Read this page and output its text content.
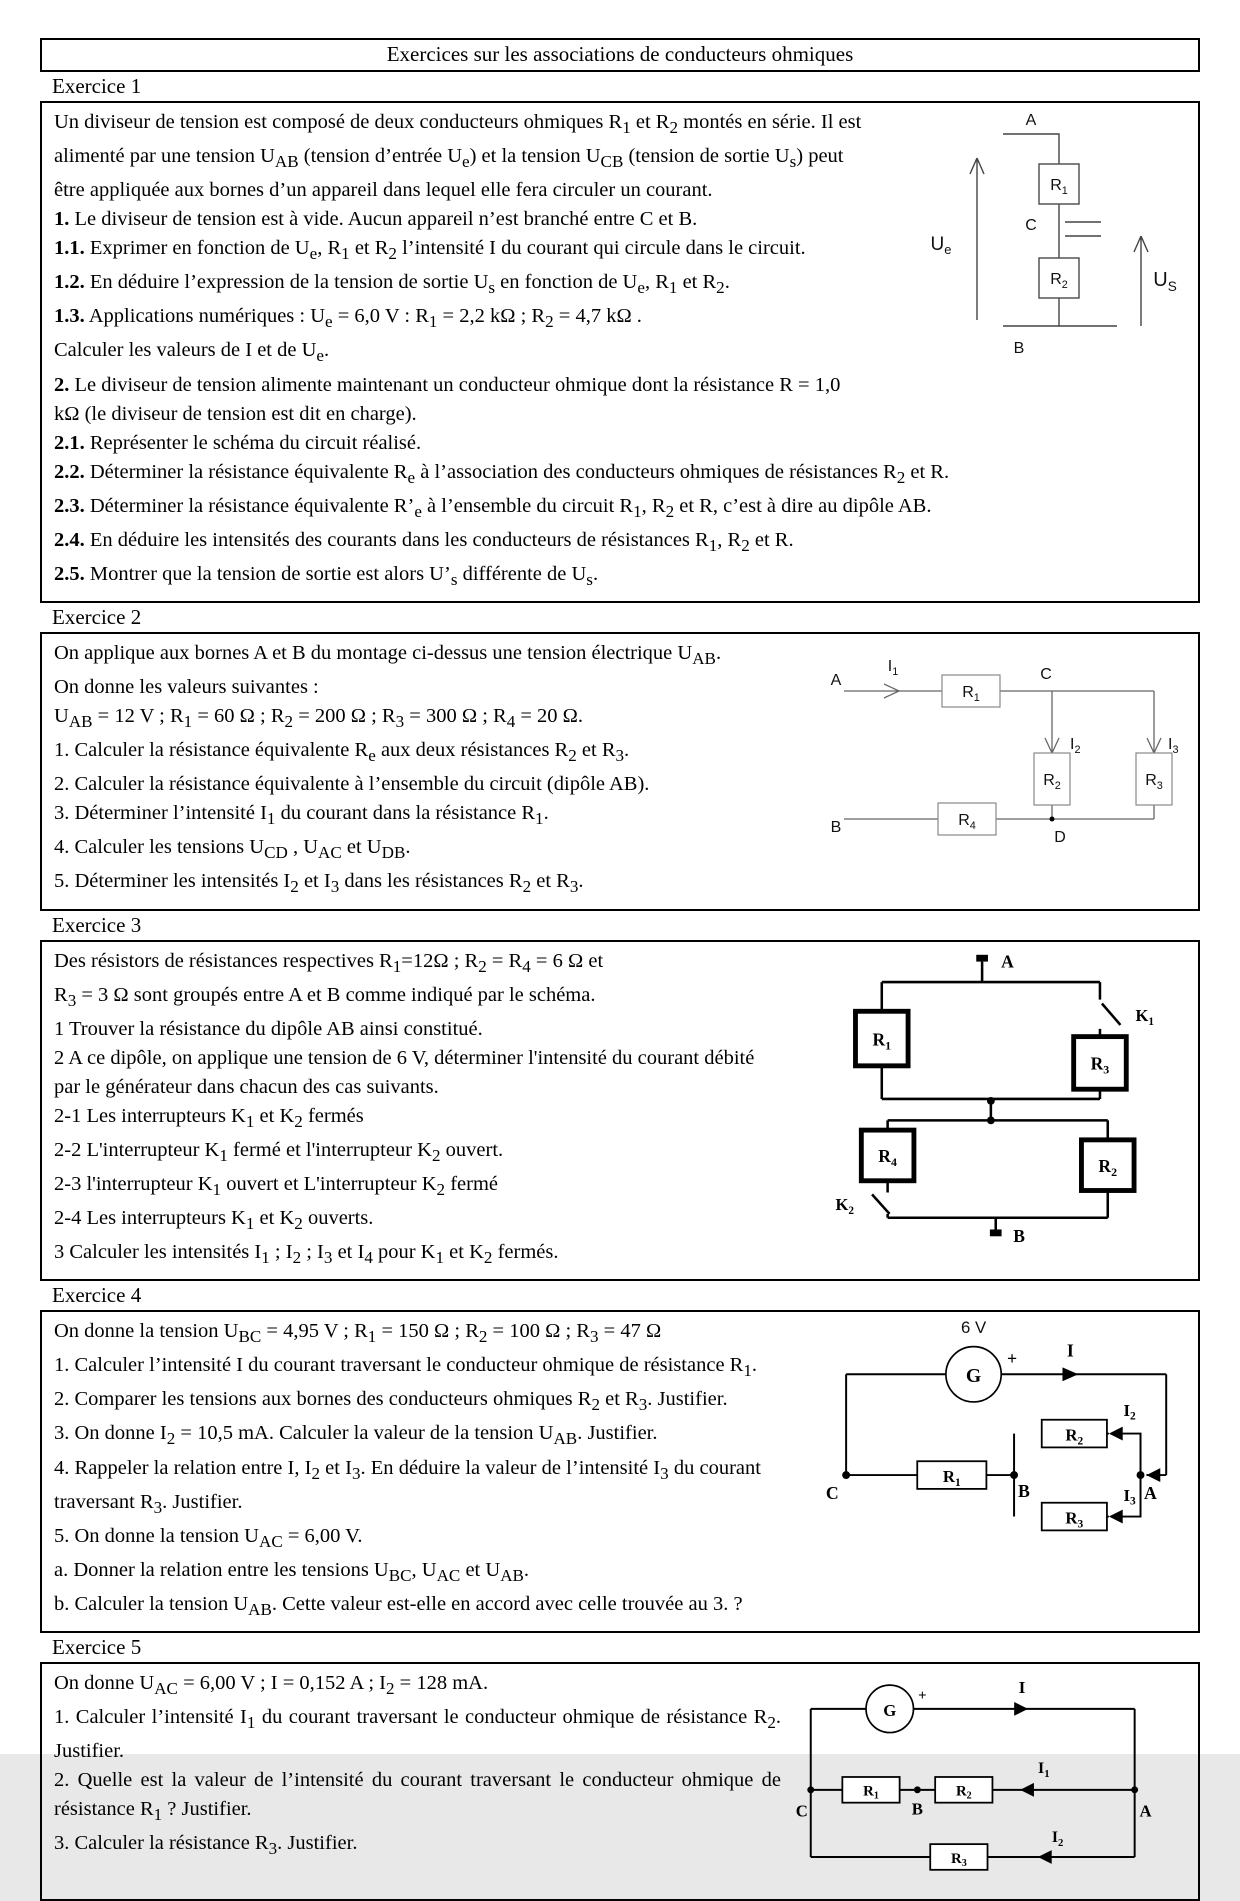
Exercices sur les associations de conducteurs ohmiques
Exercice 1
A
$R_1$
C
$R_2$
B
$U_e$
$U_S$

Un diviseur de tension est composé de deux conducteurs ohmiques $R_1$ et $R_2$ montés en série. Il est alimenté par une tension $U_{AB}$ (tension d’entrée $U_e$) et la tension $U_{CB}$ (tension de sortie $U_s$) peut être appliquée aux bornes d’un appareil dans lequel elle fera circuler un courant.

1. Le diviseur de tension est à vide. Aucun appareil n’est branché entre C et B.

1.1. Exprimer en fonction de $U_e$, $R_1$ et $R_2$ l’intensité I du courant qui circule dans le circuit.

1.2. En déduire l’expression de la tension de sortie $U_s$ en fonction de $U_e$, $R_1$ et $R_2$.

1.3. Applications numériques : $U_e = 6,0$ V : $R_1 = 2,2$ kΩ ; $R_2 = 4,7$ kΩ .

Calculer les valeurs de I et de $U_e$.

2. Le diviseur de tension alimente maintenant un conducteur ohmique dont la résistance R = 1,0 kΩ (le diviseur de tension est dit en charge).

2.1. Représenter le schéma du circuit réalisé.

2.2. Déterminer la résistance équivalente $R_e$ à l’association des conducteurs ohmiques de résistances $R_2$ et R.

2.3. Déterminer la résistance équivalente $R’_e$ à l’ensemble du circuit $R_1$, $R_2$ et R, c’est à dire au dipôle AB.

2.4. En déduire les intensités des courants dans les conducteurs de résistances $R_1$, $R_2$ et R.

2.5. Montrer que la tension de sortie est alors $U’_s$ différente de $U_s$.

Exercice 2
A
$I_1$
$R_1$
C
$I_2$	$I_3$
$R_2$	$R_3$
B	$R_4$
D

On applique aux bornes A et B du montage ci-dessus une tension électrique $U_{AB}$.

On donne les valeurs suivantes :

$U_{AB} = 12$ V ; $R_1 = 60$ Ω ; $R_2 = 200$ Ω ; $R_3 = 300$ Ω ; $R_4 = 20$ Ω.

1. Calculer la résistance équivalente $R_e$ aux deux résistances $R_2$ et $R_3$.

2. Calculer la résistance équivalente à l’ensemble du circuit (dipôle AB).

3. Déterminer l’intensité $I_1$ du courant dans la résistance $R_1$.

4. Calculer les tensions $U_{CD}$ , $U_{AC}$ et $U_{DB}$.

5. Déterminer les intensités $I_2$ et $I_3$ dans les résistances $R_2$ et $R_3$.

Exercice 3
A
$K_1$
$R_1$
$R_3$
$R_4$
$K_2$
$R_2$
B

Des résistors de résistances respectives $R_1=12\Omega$ ; $R_2 = R_4 = 6$ Ω et

$R_3 = 3$ Ω sont groupés entre A et B comme indiqué par le schéma.

1 Trouver la résistance du dipôle AB ainsi constitué.

2 A ce dipôle, on applique une tension de 6 V, déterminer l'intensité du courant débité par le générateur dans chacun des cas suivants.

2-1 Les interrupteurs $K_1$ et $K_2$ fermés

2-2 L'interrupteur $K_1$ fermé et l'interrupteur $K_2$ ouvert.

2-3 l'interrupteur $K_1$ ouvert et L'interrupteur $K_2$ fermé

2-4 Les interrupteurs $K_1$ et $K_2$ ouverts.

3 Calculer les intensités $I_1$ ; $I_2$ ; $I_3$ et $I_4$ pour $K_1$ et $K_2$ fermés.

Exercice 4
6 V
G
+	I
$I_2$
$I_3$ A
B
C
$R_2$
$R_3$
$R_1$

On donne la tension $U_{BC} = 4,95$ V ; $R_1 = 150$ Ω ; $R_2 = 100$ Ω ; $R_3 = 47$ Ω

1. Calculer l’intensité I du courant traversant le conducteur ohmique de résistance $R_1$.

2. Comparer les tensions aux bornes des conducteurs ohmiques $R_2$ et $R_3$. Justifier.

3. On donne $I_2 = 10,5$ mA. Calculer la valeur de la tension $U_{AB}$. Justifier.

4. Rappeler la relation entre I, $I_2$ et $I_3$. En déduire la valeur de l’intensité $I_3$ du courant traversant $R_3$. Justifier.

5. On donne la tension $U_{AC} = 6,00$ V.

a. Donner la relation entre les tensions $U_{BC}$, $U_{AC}$ et $U_{AB}$.

b. Calculer la tension $U_{AB}$. Cette valeur est-elle en accord avec celle trouvée au 3. ?

Exercice 5
G
+	I
$I_1$
$I_2$
A
B
C
$R_1$	$R_2$
$R_3$

On donne $U_{AC} = 6,00$ V ; I = 0,152 A ; $I_2 = 128$ mA.

1. Calculer l’intensité $I_1$ du courant traversant le conducteur ohmique de résistance $R_2$. Justifier.

2. Quelle est la valeur de l’intensité du courant traversant le conducteur ohmique de résistance $R_1$ ? Justifier.

3. Calculer la résistance $R_3$. Justifier.
